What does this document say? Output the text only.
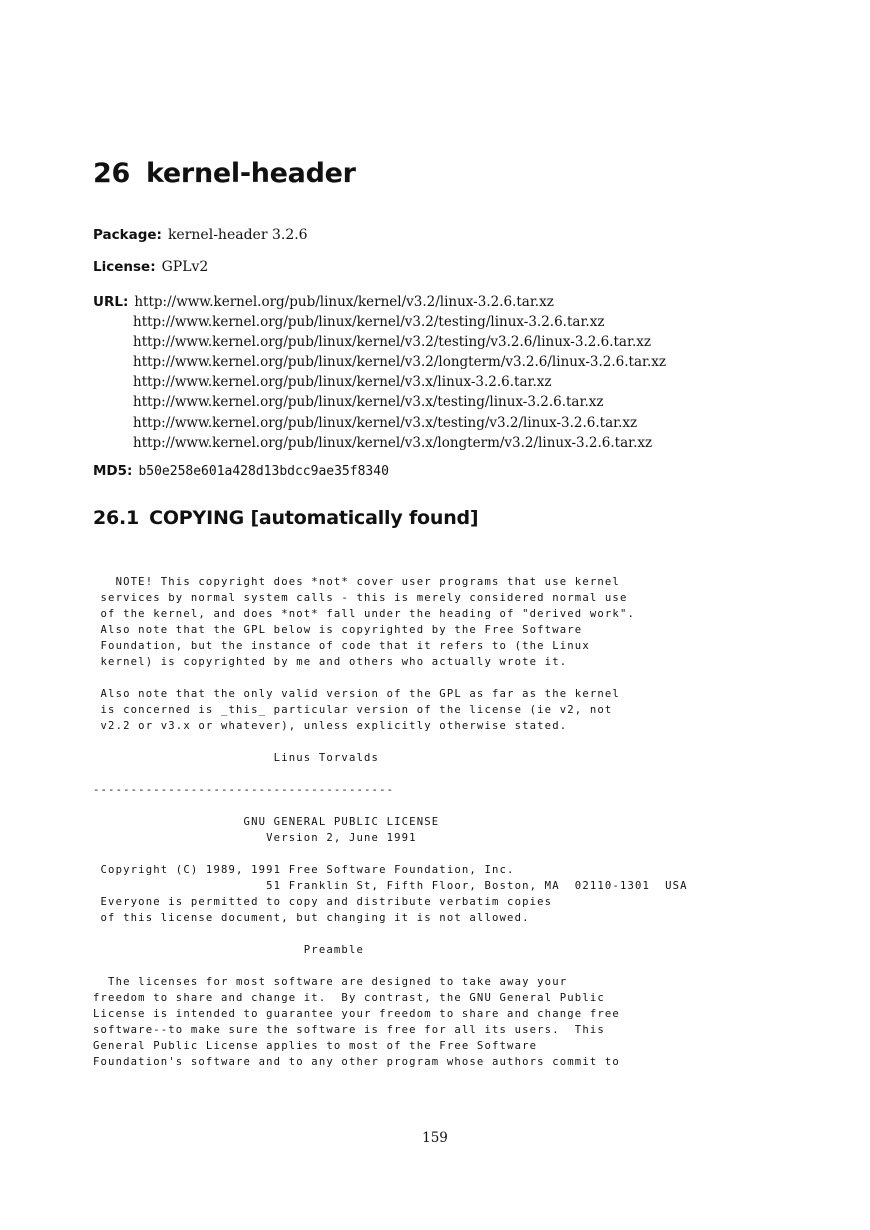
26 kernel-header
Package: kernel-header 3.2.6
License: GPLv2
URL: http://www.kernel.org/pub/linux/kernel/v3.2/linux-3.2.6.tar.xz
http://www.kernel.org/pub/linux/kernel/v3.2/testing/linux-3.2.6.tar.xz
http://www.kernel.org/pub/linux/kernel/v3.2/testing/v3.2.6/linux-3.2.6.tar.xz
http://www.kernel.org/pub/linux/kernel/v3.2/longterm/v3.2.6/linux-3.2.6.tar.xz
http://www.kernel.org/pub/linux/kernel/v3.x/linux-3.2.6.tar.xz
http://www.kernel.org/pub/linux/kernel/v3.x/testing/linux-3.2.6.tar.xz
http://www.kernel.org/pub/linux/kernel/v3.x/testing/v3.2/linux-3.2.6.tar.xz
http://www.kernel.org/pub/linux/kernel/v3.x/longterm/v3.2/linux-3.2.6.tar.xz
MD5: b50e258e601a428d13bdcc9ae35f8340
26.1 COPYING [automatically found]
NOTE! This copyright does *not* cover user programs that use kernel
services by normal system calls - this is merely considered normal use
of the kernel, and does *not* fall under the heading of "derived work".
Also note that the GPL below is copyrighted by the Free Software
Foundation, but the instance of code that it refers to (the Linux
kernel) is copyrighted by me and others who actually wrote it.

Also note that the only valid version of the GPL as far as the kernel
is concerned is _this_ particular version of the license (ie v2, not
v2.2 or v3.x or whatever), unless explicitly otherwise stated.

Linus Torvalds

----------------------------------------

GNU GENERAL PUBLIC LICENSE
Version 2, June 1991

Copyright (C) 1989, 1991 Free Software Foundation, Inc.
51 Franklin St, Fifth Floor, Boston, MA  02110-1301  USA
Everyone is permitted to copy and distribute verbatim copies
of this license document, but changing it is not allowed.

Preamble

The licenses for most software are designed to take away your
freedom to share and change it.  By contrast, the GNU General Public
License is intended to guarantee your freedom to share and change free
software--to make sure the software is free for all its users.  This
General Public License applies to most of the Free Software
Foundation's software and to any other program whose authors commit to
159
